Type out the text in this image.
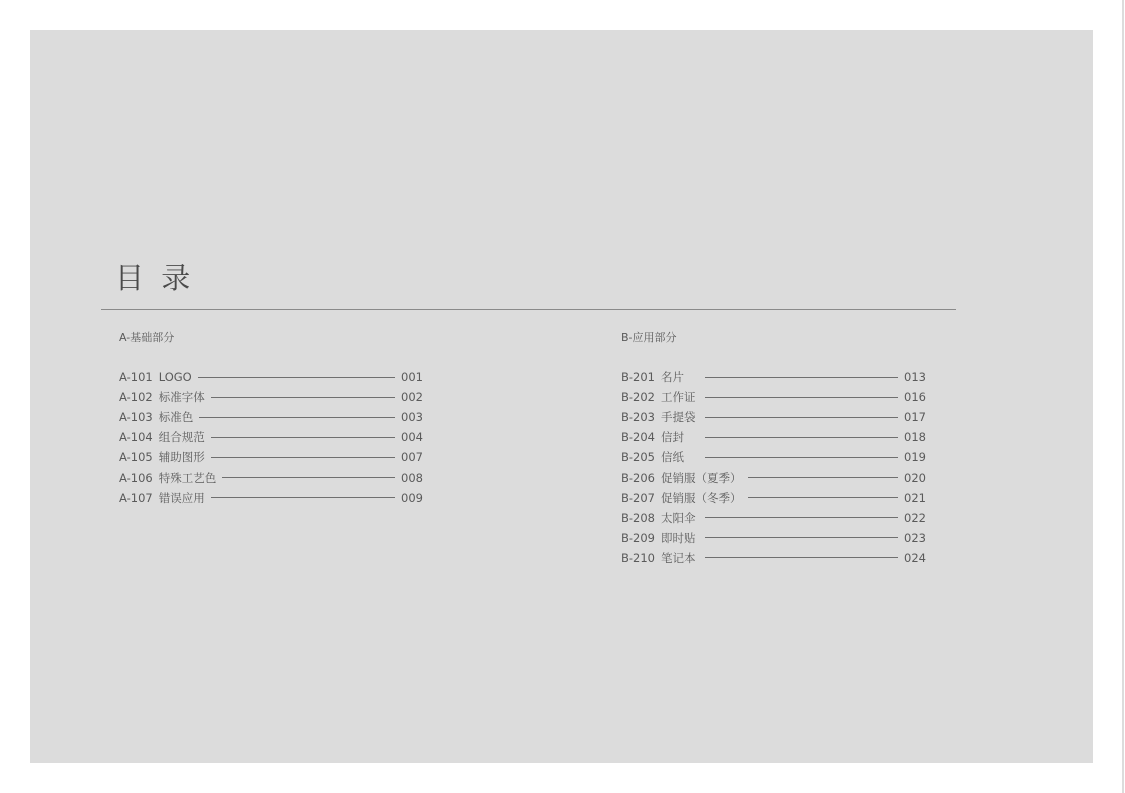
目 录
A-基础部分	B-应用部分
A-101 LOGO	001
A-102 标准字体	002
A-103 标准色	003
A-104 组合规范	004
A-105 辅助图形	007
A-106 特殊工艺色	008
A-107 错误应用	009
B-201 名片	013
B-202 工作证	016
B-203 手提袋	017
B-204 信封	018
B-205 信纸	019
B-206 促销服（夏季）	020
B-207 促销服（冬季）	021
B-208 太阳伞	022
B-209 即时贴	023
B-210 笔记本	024
